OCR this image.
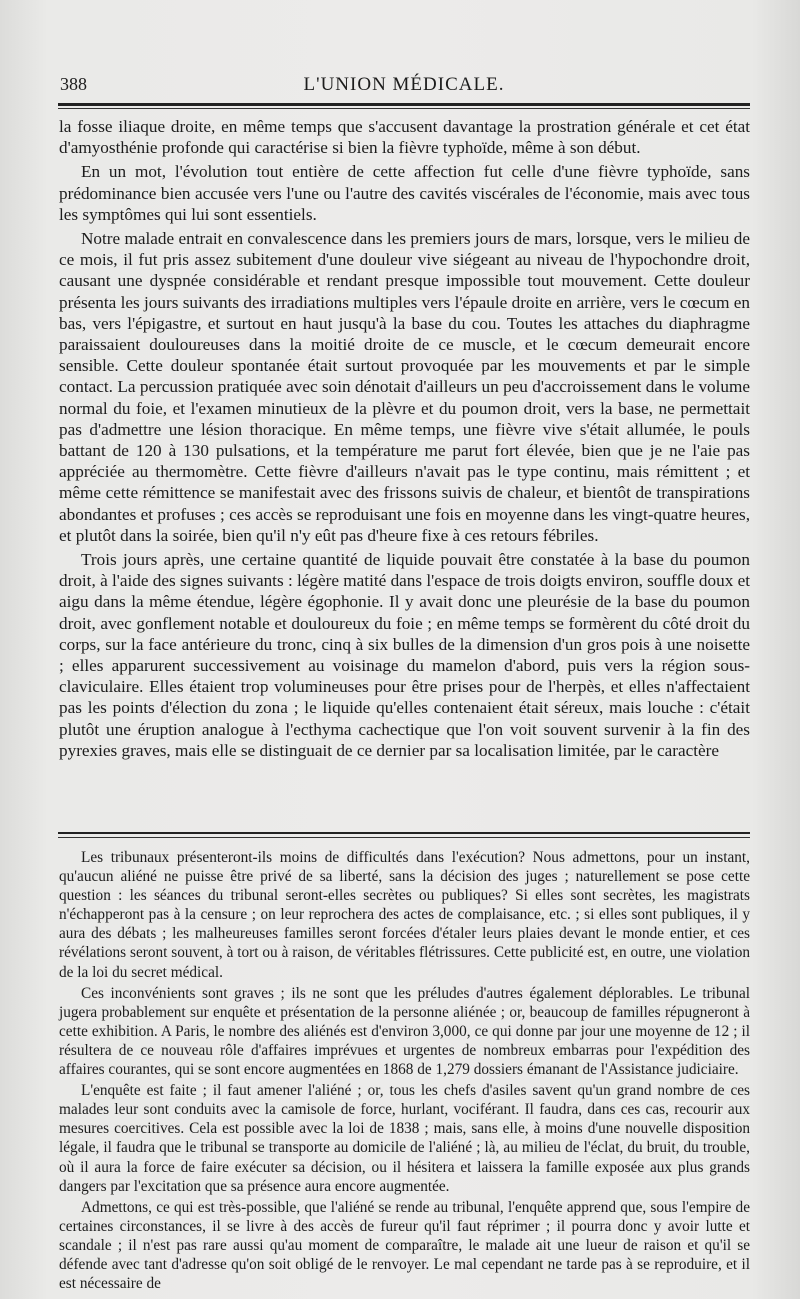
388	L'UNION MÉDICALE.

la fosse iliaque droite, en même temps que s'accusent davantage la prostration générale et cet état d'amyosthénie profonde qui caractérise si bien la fièvre typhoïde, même à son début.

En un mot, l'évolution tout entière de cette affection fut celle d'une fièvre typhoïde, sans prédominance bien accusée vers l'une ou l'autre des cavités viscérales de l'économie, mais avec tous les symptômes qui lui sont essentiels.

Notre malade entrait en convalescence dans les premiers jours de mars, lorsque, vers le milieu de ce mois, il fut pris assez subitement d'une douleur vive siégeant au niveau de l'hypochondre droit, causant une dyspnée considérable et rendant presque impossible tout mouvement. Cette douleur présenta les jours suivants des irradiations multiples vers l'épaule droite en arrière, vers le cœcum en bas, vers l'épigastre, et surtout en haut jusqu'à la base du cou. Toutes les attaches du diaphragme paraissaient douloureuses dans la moitié droite de ce muscle, et le cœcum demeurait encore sensible. Cette douleur spontanée était surtout provoquée par les mouvements et par le simple contact. La percussion pratiquée avec soin dénotait d'ailleurs un peu d'accroissement dans le volume normal du foie, et l'examen minutieux de la plèvre et du poumon droit, vers la base, ne permettait pas d'admettre une lésion thoracique. En même temps, une fièvre vive s'était allumée, le pouls battant de 120 à 130 pulsations, et la température me parut fort élevée, bien que je ne l'aie pas appréciée au thermomètre. Cette fièvre d'ailleurs n'avait pas le type continu, mais rémittent ; et même cette rémittence se manifestait avec des frissons suivis de chaleur, et bientôt de transpirations abondantes et profuses ; ces accès se reproduisant une fois en moyenne dans les vingt-quatre heures, et plutôt dans la soirée, bien qu'il n'y eût pas d'heure fixe à ces retours fébriles.

Trois jours après, une certaine quantité de liquide pouvait être constatée à la base du poumon droit, à l'aide des signes suivants : légère matité dans l'espace de trois doigts environ, souffle doux et aigu dans la même étendue, légère égophonie. Il y avait donc une pleurésie de la base du poumon droit, avec gonflement notable et douloureux du foie ; en même temps se formèrent du côté droit du corps, sur la face antérieure du tronc, cinq à six bulles de la dimension d'un gros pois à une noisette ; elles apparurent successivement au voisinage du mamelon d'abord, puis vers la région sous-claviculaire. Elles étaient trop volumineuses pour être prises pour de l'herpès, et elles n'affectaient pas les points d'élection du zona ; le liquide qu'elles contenaient était séreux, mais louche : c'était plutôt une éruption analogue à l'ecthyma cachectique que l'on voit souvent survenir à la fin des pyrexies graves, mais elle se distinguait de ce dernier par sa localisation limitée, par le caractère

Les tribunaux présenteront-ils moins de difficultés dans l'exécution? Nous admettons, pour un instant, qu'aucun aliéné ne puisse être privé de sa liberté, sans la décision des juges ; naturellement se pose cette question : les séances du tribunal seront-elles secrètes ou publiques? Si elles sont secrètes, les magistrats n'échapperont pas à la censure ; on leur reprochera des actes de complaisance, etc. ; si elles sont publiques, il y aura des débats ; les malheureuses familles seront forcées d'étaler leurs plaies devant le monde entier, et ces révélations seront souvent, à tort ou à raison, de véritables flétrissures. Cette publicité est, en outre, une violation de la loi du secret médical.

Ces inconvénients sont graves ; ils ne sont que les préludes d'autres également déplorables. Le tribunal jugera probablement sur enquête et présentation de la personne aliénée ; or, beaucoup de familles répugneront à cette exhibition. A Paris, le nombre des aliénés est d'environ 3,000, ce qui donne par jour une moyenne de 12 ; il résultera de ce nouveau rôle d'affaires imprévues et urgentes de nombreux embarras pour l'expédition des affaires courantes, qui se sont encore augmentées en 1868 de 1,279 dossiers émanant de l'Assistance judiciaire.

L'enquête est faite ; il faut amener l'aliéné ; or, tous les chefs d'asiles savent qu'un grand nombre de ces malades leur sont conduits avec la camisole de force, hurlant, vociférant. Il faudra, dans ces cas, recourir aux mesures coercitives. Cela est possible avec la loi de 1838 ; mais, sans elle, à moins d'une nouvelle disposition légale, il faudra que le tribunal se transporte au domicile de l'aliéné ; là, au milieu de l'éclat, du bruit, du trouble, où il aura la force de faire exécuter sa décision, ou il hésitera et laissera la famille exposée aux plus grands dangers par l'excitation que sa présence aura encore augmentée.

Admettons, ce qui est très-possible, que l'aliéné se rende au tribunal, l'enquête apprend que, sous l'empire de certaines circonstances, il se livre à des accès de fureur qu'il faut réprimer ; il pourra donc y avoir lutte et scandale ; il n'est pas rare aussi qu'au moment de comparaître, le malade ait une lueur de raison et qu'il se défende avec tant d'adresse qu'on soit obligé de le renvoyer. Le mal cependant ne tarde pas à se reproduire, et il est nécessaire de
